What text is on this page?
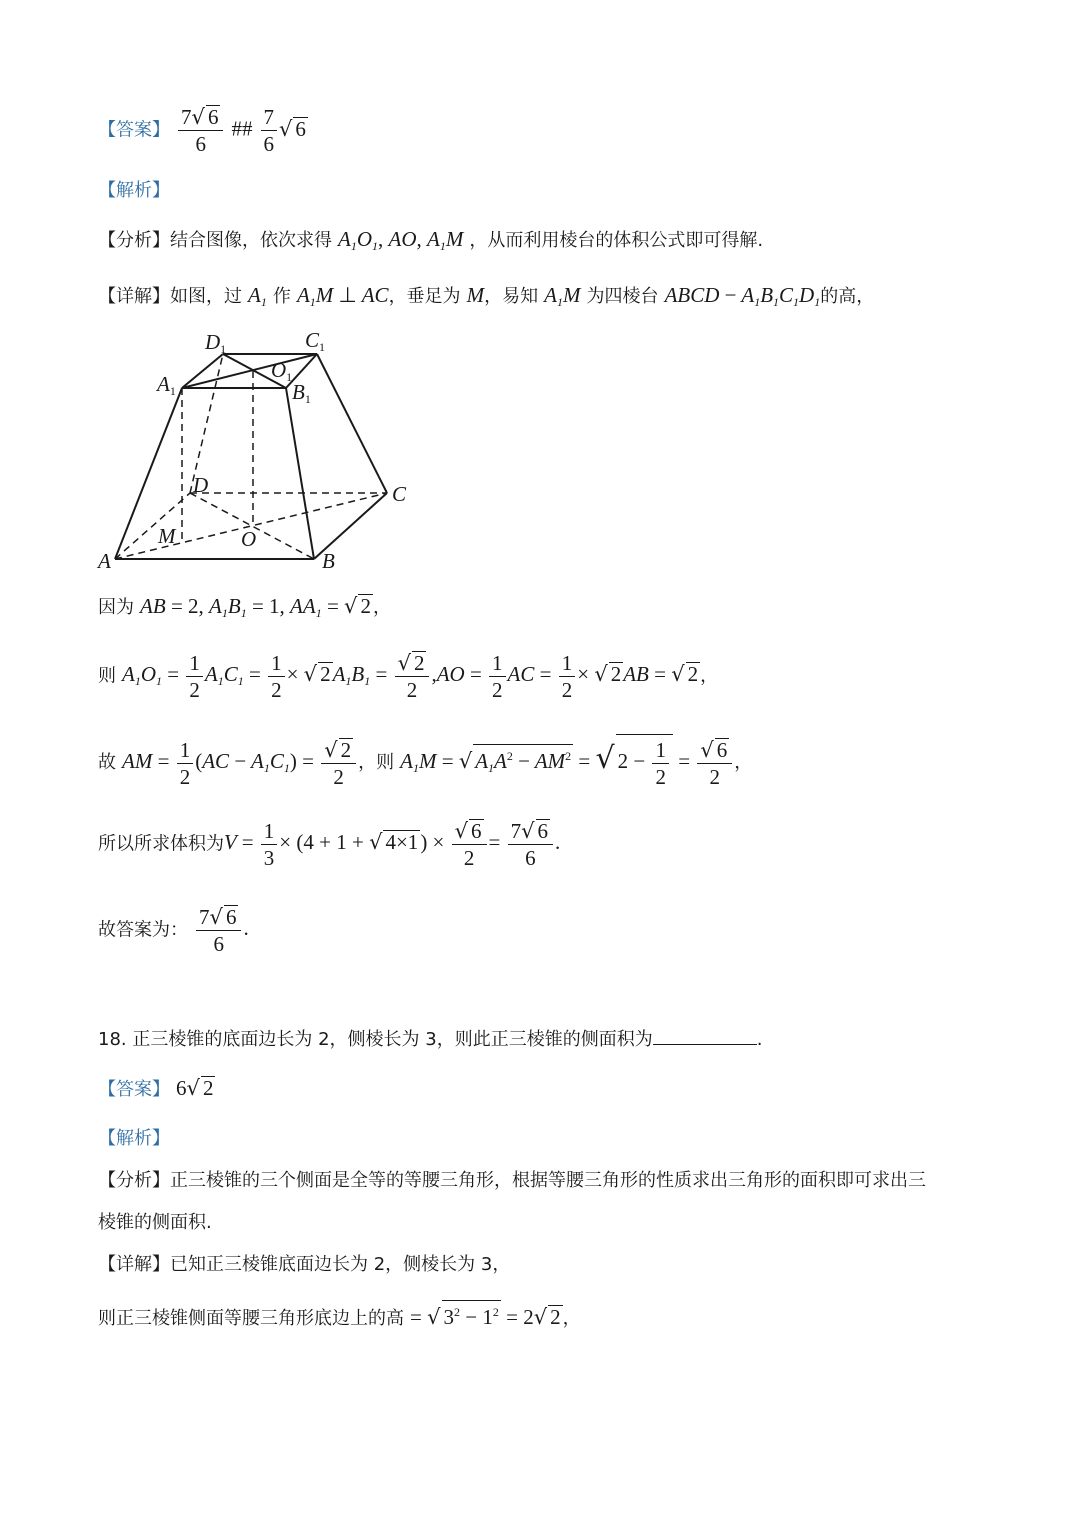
【答案】 $\frac{7√ 6}{6}$ ## $\frac{7}{6}$ √ 6
【解析】
【分析】结合图像，依次求得 $A_1O_1$, AO, $A_1M$ ，从而利用棱台的体积公式即可得解.
【详解】如图，过 $A_1$ 作 $A_1M$ ⊥ AC，垂足为 M，易知 $A_1M$ 为四棱台 ABCD − $A_1B_1C_1D_1$的高，
D1	C1
A1	B1
O1
D	C
M	O
A	B
因为 AB = 2, $A_1B_1 = 1$, $AA_1$ = √ 2 ，
则 $A_1O_1 = \frac{1}{2} A_1C_1 = \frac{1}{2}$ × √ $2A_1B_1 = \frac{√ 2}{2} ,AO = \frac{1}{2}$ AC = $\frac{1}{2}$ × √ 2AB = √ 2 ，
故 AM = $\frac{1}{2} (AC - A_1C_1) = \frac{√ 2}{2}$ ，则 $A_1M$ = √ $A_1A^2 - AM^2$ = √ $2 - \frac{1}{2} = \frac{√ 6}{2}$ ，
所以所求体积为$V = \frac{1}{3} \times (4 + 1$ + √ $4\times 1) \times \frac{√ 6}{2} = \frac{7√ 6}{6}$ .
故答案为： $\frac{7√ 6}{6}$ .
18. 正三棱锥的底面边长为 2，侧棱长为 3，则此正三棱锥的侧面积为	.
【答案】 6√ 2
【解析】
【分析】正三棱锥的三个侧面是全等的等腰三角形，根据等腰三角形的性质求出三角形的面积即可求出三
棱锥的侧面积.
【详解】已知正三棱锥底面边长为 2，侧棱长为 3，
则正三棱锥侧面等腰三角形底边上的高 = √ $3^2 - 1^2 = 2√$ 2 ，
